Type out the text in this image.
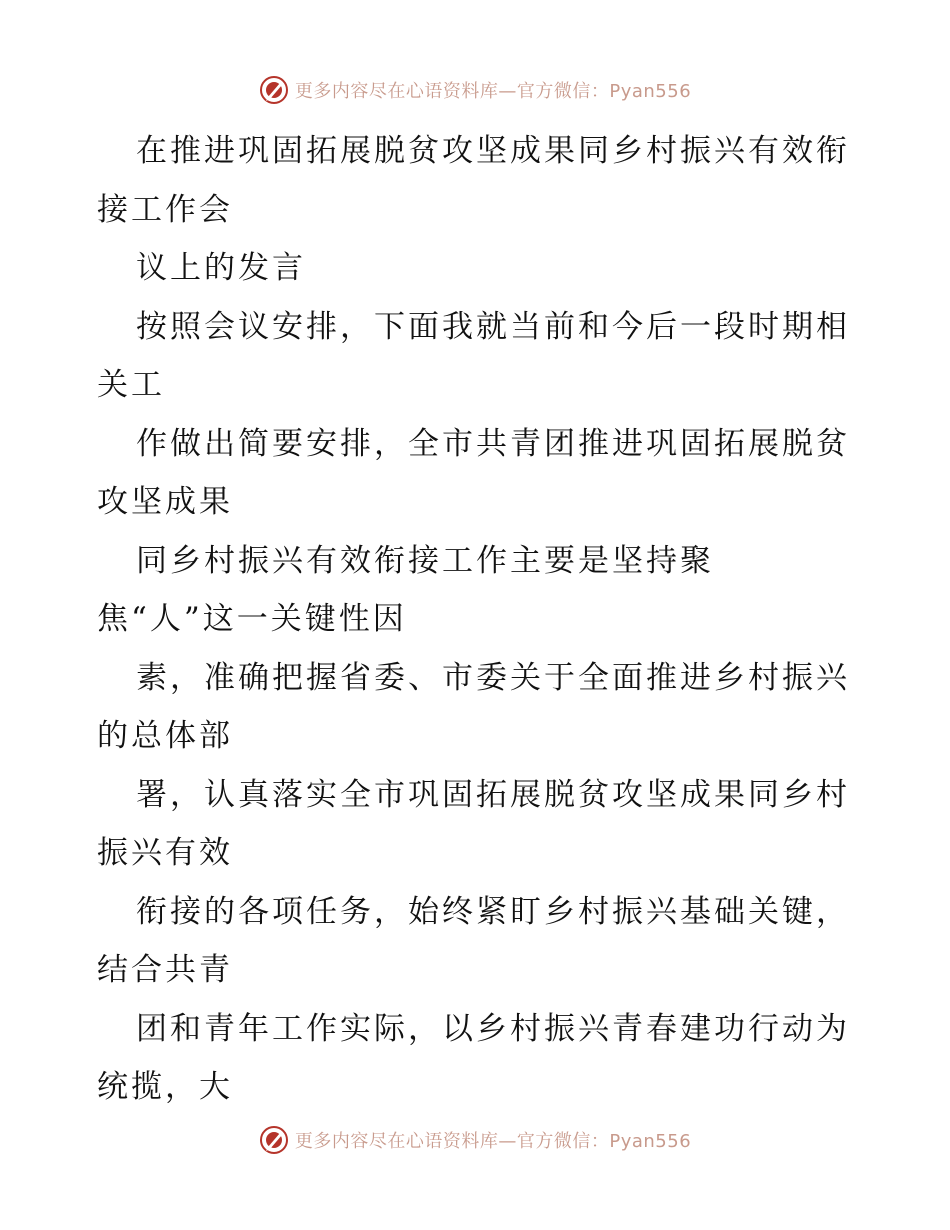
更多内容尽在心语资料库—官方微信：Pyan556
在推进巩固拓展脱贫攻坚成果同乡村振兴有效衔
接工作会
议上的发言
按照会议安排，下面我就当前和今后一段时期相
关工
作做出简要安排，全市共青团推进巩固拓展脱贫
攻坚成果
同乡村振兴有效衔接工作主要是坚持聚
焦“人”这一关键性因
素，准确把握省委、市委关于全面推进乡村振兴
的总体部
署，认真落实全市巩固拓展脱贫攻坚成果同乡村
振兴有效
衔接的各项任务，始终紧盯乡村振兴基础关键，
结合共青
团和青年工作实际，以乡村振兴青春建功行动为
统揽，大
更多内容尽在心语资料库—官方微信：Pyan556
